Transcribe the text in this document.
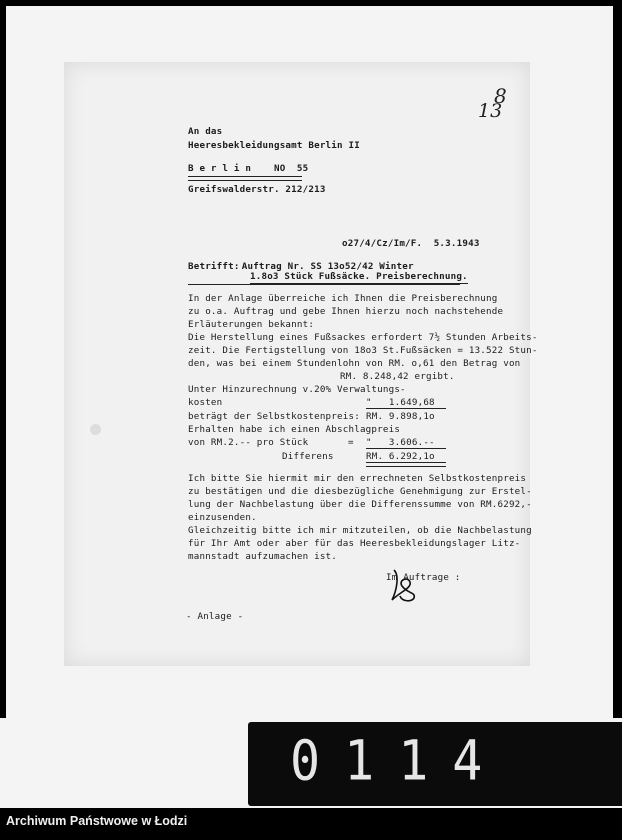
8
13
An das
Heeresbekleidungsamt Berlin II
B e r l i n    NO  55
Greifswalderstr. 212/213
o27/4/Cz/Im/F.  5.3.1943
Betrifft:
Auftrag Nr. SS 13o52/42 Winter
1.8o3 Stück Fußsäcke. Preisberechnung.
In der Anlage überreiche ich Ihnen die Preisberechnung
zu o.a. Auftrag und gebe Ihnen hierzu noch nachstehende
Erläuterungen bekannt:
Die Herstellung eines Fußsackes erfordert 7½ Stunden Arbeits-
zeit. Die Fertigstellung von 18o3 St.Fußsäcken = 13.522 Stun-
den, was bei einem Stundenlohn von RM. o,61 den Betrag von
RM. 8.248,42 ergibt.
Unter Hinzurechnung v.20% Verwaltungs-
kosten	"   1.649,68
beträgt der Selbstkostenpreis: RM. 9.898,1o
Erhalten habe ich einen Abschlagpreis
von RM.2.-- pro Stück	= "   3.606.--
Differens	RM. 6.292,1o
Ich bitte Sie hiermit mir den errechneten Selbstkostenpreis
zu bestätigen und die diesbezügliche Genehmigung zur Erstel-
lung der Nachbelastung über die Differenssumme von RM.6292,-
einzusenden.
Gleichzeitig bitte ich mir mitzuteilen, ob die Nachbelastung
für Ihr Amt oder aber für das Heeresbekleidungslager Litz-
mannstadt aufzumachen ist.
Im Auftrage :
- Anlage -
0114
Archiwum Państwowe w Łodzi
